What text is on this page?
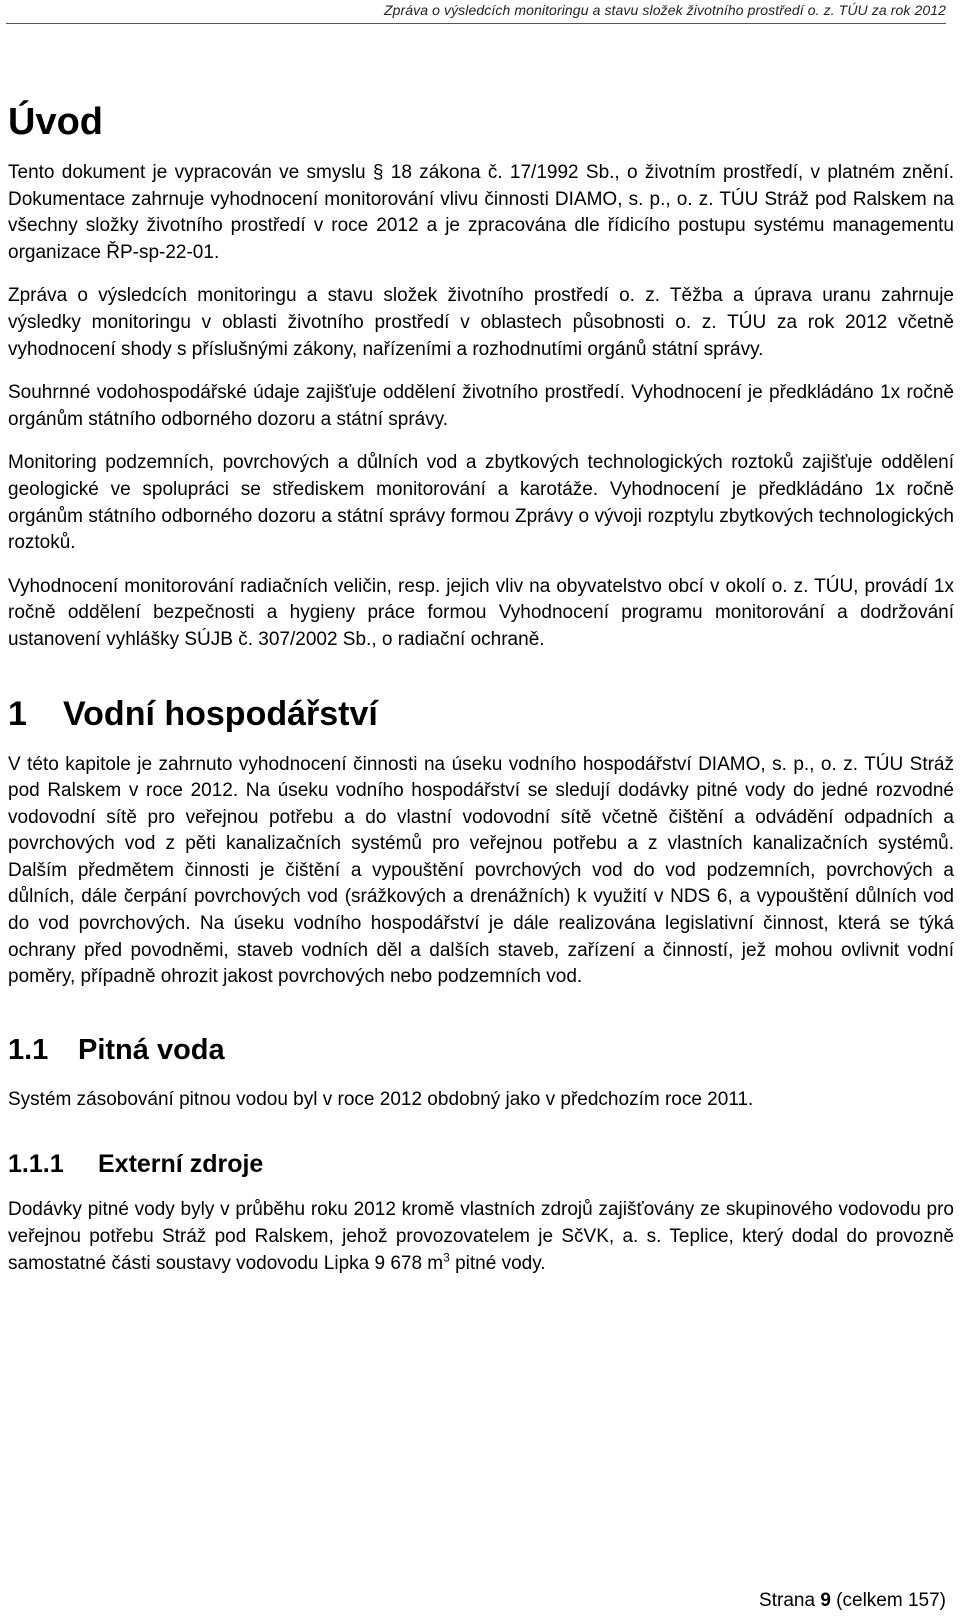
Zpráva o výsledcích monitoringu a stavu složek životního prostředí o. z. TÚU za rok 2012
Úvod

Tento dokument je vypracován ve smyslu § 18 zákona č. 17/1992 Sb., o životním prostředí, v platném znění. Dokumentace zahrnuje vyhodnocení monitorování vlivu činnosti DIAMO, s. p., o. z. TÚU Stráž pod Ralskem na všechny složky životního prostředí v roce 2012 a je zpracována dle řídicího postupu systému managementu organizace ŘP-sp-22-01.

Zpráva o výsledcích monitoringu a stavu složek životního prostředí o. z. Těžba a úprava uranu zahrnuje výsledky monitoringu v oblasti životního prostředí v oblastech působnosti o. z. TÚU za rok 2012 včetně vyhodnocení shody s příslušnými zákony, nařízeními a rozhodnutími orgánů státní správy.

Souhrnné vodohospodářské údaje zajišťuje oddělení životního prostředí. Vyhodnocení je předkládáno 1x ročně orgánům státního odborného dozoru a státní správy.

Monitoring podzemních, povrchových a důlních vod a zbytkových technologických roztoků zajišťuje oddělení geologické ve spolupráci se střediskem monitorování a karotáže. Vyhodnocení je předkládáno 1x ročně orgánům státního odborného dozoru a státní správy formou Zprávy o vývoji rozptylu zbytkových technologických roztoků.

Vyhodnocení monitorování radiačních veličin, resp. jejich vliv na obyvatelstvo obcí v okolí o. z. TÚU, provádí 1x ročně oddělení bezpečnosti a hygieny práce formou Vyhodnocení programu monitorování a dodržování ustanovení vyhlášky SÚJB č. 307/2002 Sb., o radiační ochraně.

1 Vodní hospodářství

V této kapitole je zahrnuto vyhodnocení činnosti na úseku vodního hospodářství DIAMO, s. p., o. z. TÚU Stráž pod Ralskem v roce 2012. Na úseku vodního hospodářství se sledují dodávky pitné vody do jedné rozvodné vodovodní sítě pro veřejnou potřebu a do vlastní vodovodní sítě včetně čištění a odvádění odpadních a povrchových vod z pěti kanalizačních systémů pro veřejnou potřebu a z vlastních kanalizačních systémů. Dalším předmětem činnosti je čištění a vypouštění povrchových vod do vod podzemních, povrchových a důlních, dále čerpání povrchových vod (srážkových a drenážních) k využití v NDS 6, a vypouštění důlních vod do vod povrchových. Na úseku vodního hospodářství je dále realizována legislativní činnost, která se týká ochrany před povodněmi, staveb vodních děl a dalších staveb, zařízení a činností, jež mohou ovlivnit vodní poměry, případně ohrozit jakost povrchových nebo podzemních vod.

1.1 Pitná voda

Systém zásobování pitnou vodou byl v roce 2012 obdobný jako v předchozím roce 2011.

1.1.1 Externí zdroje

Dodávky pitné vody byly v průběhu roku 2012 kromě vlastních zdrojů zajišťovány ze skupinového vodovodu pro veřejnou potřebu Stráž pod Ralskem, jehož provozovatelem je SčVK, a. s. Teplice, který dodal do provozně samostatné části soustavy vodovodu Lipka 9 678 $m^3$ pitné vody.

Strana 9 (celkem 157)
